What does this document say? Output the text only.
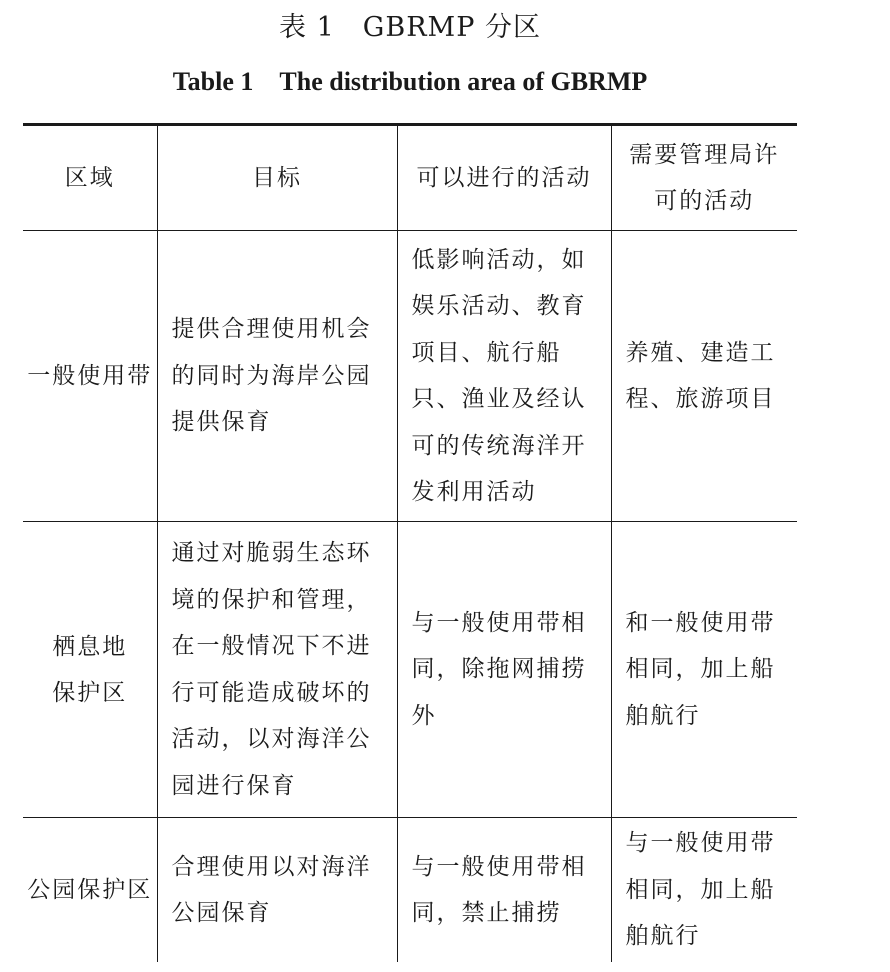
表 1　GBRMP 分区
Table 1　The distribution area of GBRMP
区域	目标	可以进行的活动	需要管理局许可的活动
一般使用带	提供合理使用机会的同时为海岸公园提供保育	低影响活动，如娱乐活动、教育项目、航行船只、渔业及经认可的传统海洋开发利用活动	养殖、建造工程、旅游项目
栖息地保护区	通过对脆弱生态环境的保护和管理，在一般情况下不进行可能造成破坏的活动，以对海洋公园进行保育	与一般使用带相同，除拖网捕捞外	和一般使用带相同，加上船舶航行
公园保护区	合理使用以对海洋公园保育	与一般使用带相同，禁止捕捞	与一般使用带相同，加上船舶航行
